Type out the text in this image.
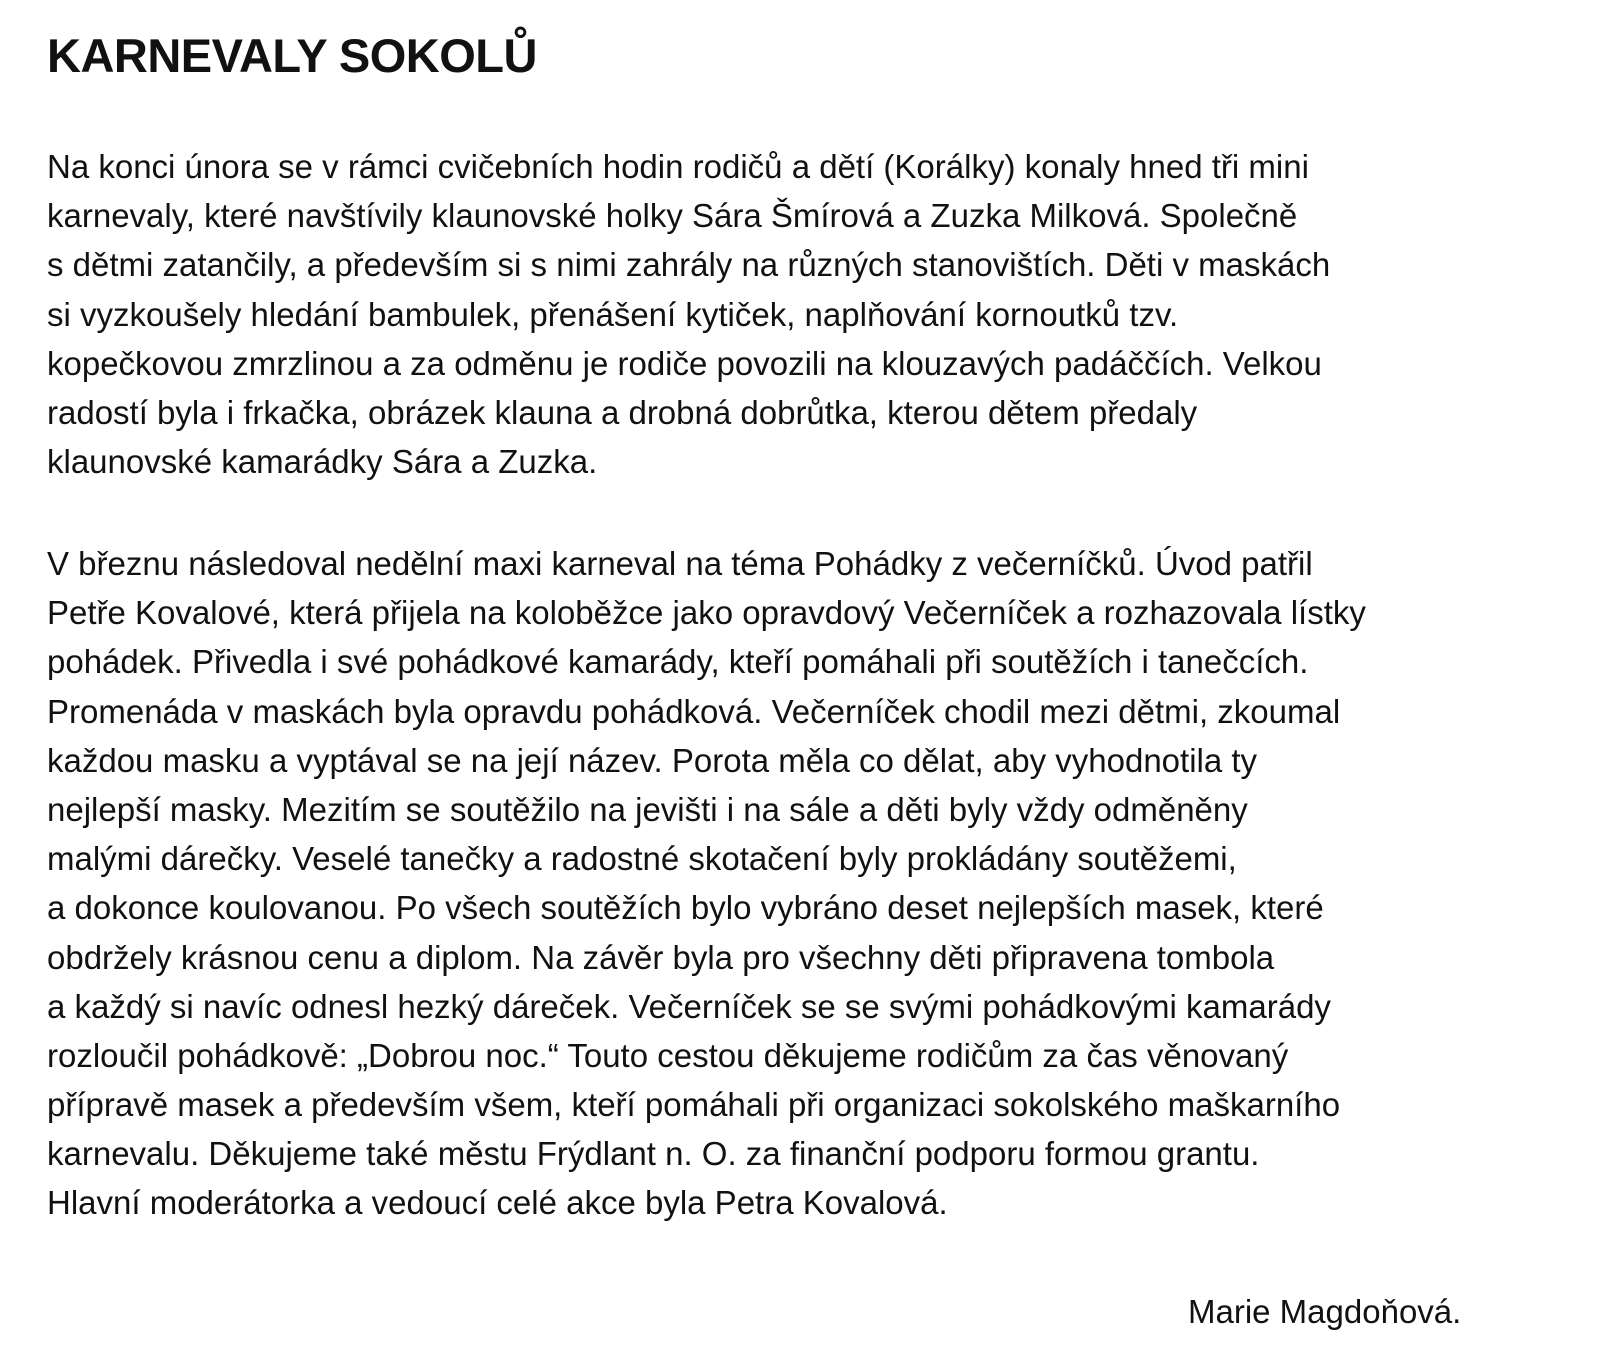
KARNEVALY SOKOLŮ

Na konci února se v rámci cvičebních hodin rodičů a dětí (Korálky) konaly hned tři mini
karnevaly, které navštívily klaunovské holky Sára Šmírová a Zuzka Milková. Společně
s dětmi zatančily, a především si s nimi zahrály na různých stanovištích. Děti v maskách
si vyzkoušely hledání bambulek, přenášení kytiček, naplňování kornoutků tzv.
kopečkovou zmrzlinou a za odměnu je rodiče povozili na klouzavých padáččích. Velkou
radostí byla i frkačka, obrázek klauna a drobná dobrůtka, kterou dětem předaly
klaunovské kamarádky Sára a Zuzka.

V březnu následoval nedělní maxi karneval na téma Pohádky z večerníčků. Úvod patřil
Petře Kovalové, která přijela na koloběžce jako opravdový Večerníček a rozhazovala lístky
pohádek. Přivedla i své pohádkové kamarády, kteří pomáhali při soutěžích i tanečcích.
Promenáda v maskách byla opravdu pohádková. Večerníček chodil mezi dětmi, zkoumal
každou masku a vyptával se na její název. Porota měla co dělat, aby vyhodnotila ty
nejlepší masky. Mezitím se soutěžilo na jevišti i na sále a děti byly vždy odměněny
malými dárečky. Veselé tanečky a radostné skotačení byly prokládány soutěžemi,
a dokonce koulovanou. Po všech soutěžích bylo vybráno deset nejlepších masek, které
obdržely krásnou cenu a diplom. Na závěr byla pro všechny děti připravena tombola
a každý si navíc odnesl hezký dáreček. Večerníček se se svými pohádkovými kamarády
rozloučil pohádkově: „Dobrou noc.“ Touto cestou děkujeme rodičům za čas věnovaný
přípravě masek a především všem, kteří pomáhali při organizaci sokolského maškarního
karnevalu. Děkujeme také městu Frýdlant n. O. za finanční podporu formou grantu.
Hlavní moderátorka a vedoucí celé akce byla Petra Kovalová.

Marie Magdoňová.
